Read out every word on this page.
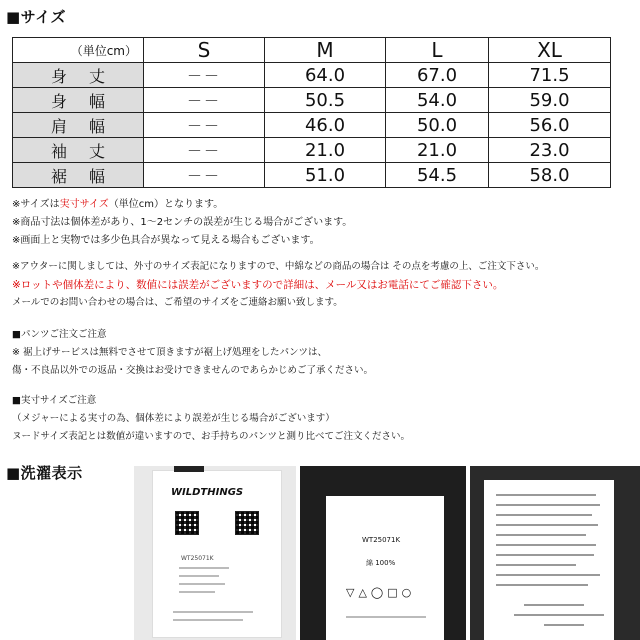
■サイズ
（単位cm）	S	M	L	XL
身丈	－－	64.0	67.0	71.5
身幅	－－	50.5	54.0	59.0
肩幅	－－	46.0	50.0	56.0
袖丈	－－	21.0	21.0	23.0
裾幅	－－	51.0	54.5	58.0
※サイズは実寸サイズ（単位cm）となります。
※商品寸法は個体差があり、1～2センチの誤差が生じる場合がございます。
※画面上と実物では多少色具合が異なって見える場合もございます。
※アウターに関しましては、外寸のサイズ表記になりますので、中綿などの商品の場合は その点を考慮の上、ご注文下さい。
※ロットや個体差により、数値には誤差がございますので詳細は、メール又はお電話にてご確認下さい。
メールでのお問い合わせの場合は、ご希望のサイズをご連絡お願い致します。
■パンツご注文ご注意
※ 裾上げサービスは無料でさせて頂きますが裾上げ処理をしたパンツは、
傷・不良品以外での返品・交換はお受けできませんのであらかじめご了承ください。
■実寸サイズご注意
（メジャーによる実寸の為、個体差により誤差が生じる場合がございます）
ヌードサイズ表記とは数値が違いますので、お手持ちのパンツと測り比べてご注文ください。
■洗濯表示
WILDTHINGS
WT25071K
WT25071K
綿 100%
▽△◯□○
